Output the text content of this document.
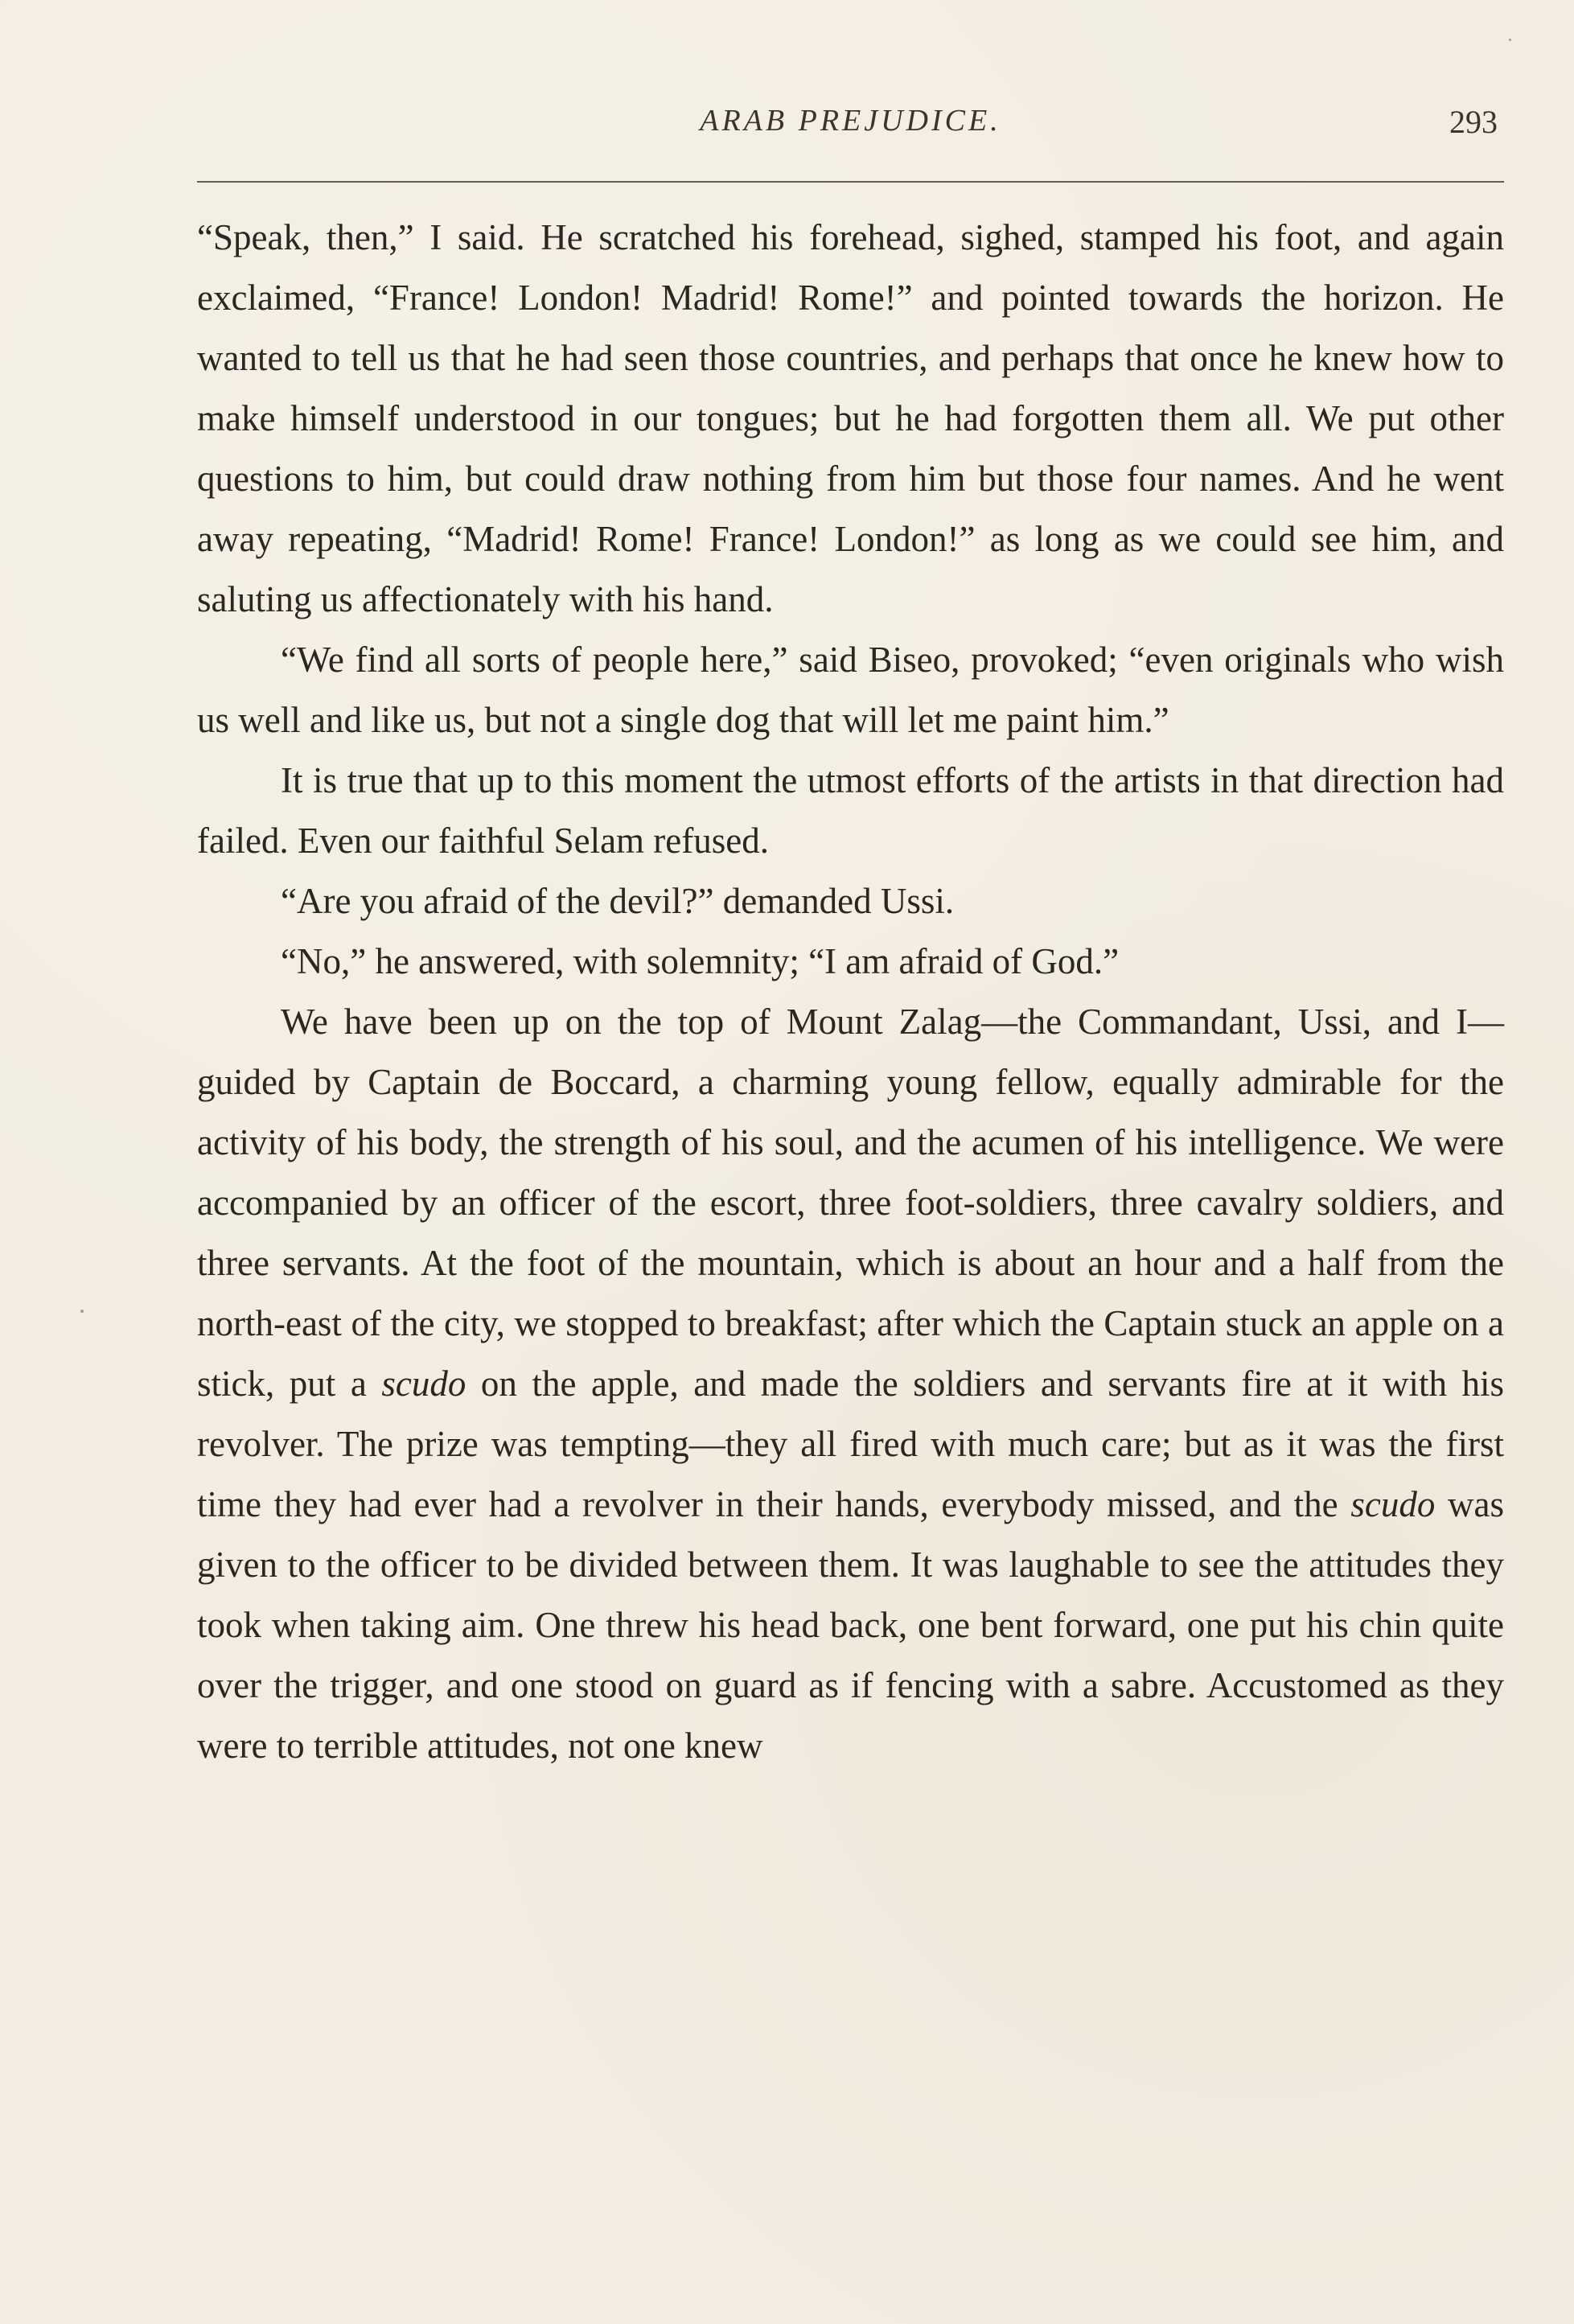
ARAB PREJUDICE.	293

“Speak, then,” I said. He scratched his forehead, sighed, stamped his foot, and again exclaimed, “France! London! Madrid! Rome!” and pointed towards the horizon. He wanted to tell us that he had seen those countries, and perhaps that once he knew how to make himself understood in our tongues; but he had forgotten them all. We put other questions to him, but could draw nothing from him but those four names. And he went away repeating, “Madrid! Rome! France! London!” as long as we could see him, and saluting us affectionately with his hand.

“We find all sorts of people here,” said Biseo, provoked; “even originals who wish us well and like us, but not a single dog that will let me paint him.”

It is true that up to this moment the utmost efforts of the artists in that direction had failed. Even our faithful Selam refused.

“Are you afraid of the devil?” demanded Ussi.

“No,” he answered, with solemnity; “I am afraid of God.”

We have been up on the top of Mount Zalag—the Commandant, Ussi, and I—guided by Captain de Boccard, a charming young fellow, equally admirable for the activity of his body, the strength of his soul, and the acumen of his intelligence. We were accompanied by an officer of the escort, three foot-soldiers, three cavalry soldiers, and three servants. At the foot of the mountain, which is about an hour and a half from the north-east of the city, we stopped to breakfast; after which the Captain stuck an apple on a stick, put a scudo on the apple, and made the soldiers and servants fire at it with his revolver. The prize was tempting—they all fired with much care; but as it was the first time they had ever had a revolver in their hands, everybody missed, and the scudo was given to the officer to be divided between them. It was laughable to see the attitudes they took when taking aim. One threw his head back, one bent forward, one put his chin quite over the trigger, and one stood on guard as if fencing with a sabre. Accustomed as they were to terrible attitudes, not one knew
